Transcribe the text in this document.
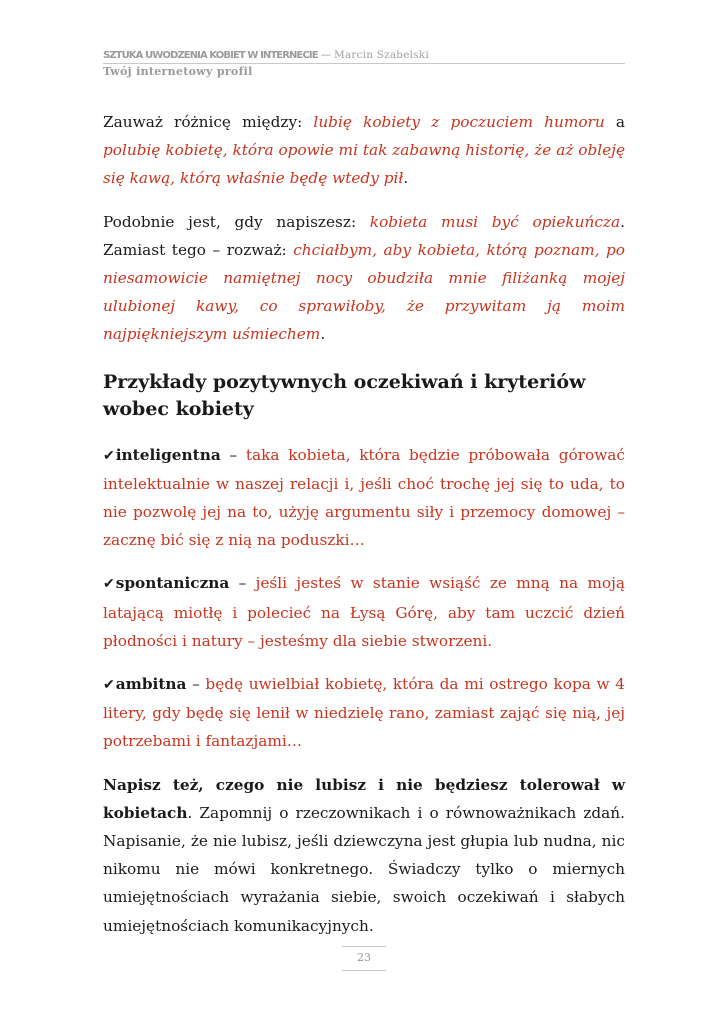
SZTUKA UWODZENIA KOBIET W INTERNECIE — Marcin Szabelski
Twój internetowy profil

Zauważ różnicę między: lubię kobiety z poczuciem humoru a polubię kobietę, która opowie mi tak zabawną historię, że aż obleję się kawą, którą właśnie będę wtedy pił.

Podobnie jest, gdy napiszesz: kobieta musi być opiekuńcza. Zamiast tego – rozważ: chciałbym, aby kobieta, którą poznam, po niesamowicie namiętnej nocy obudziła mnie filiżanką mojej ulubionej kawy, co sprawiłoby, że przywitam ją moim najpiękniejszym uśmiechem.

Przykłady pozytywnych oczekiwań i kryteriów wobec kobiety

✔inteligentna – taka kobieta, która będzie próbowała górować intelektualnie w naszej relacji i, jeśli choć trochę jej się to uda, to nie pozwolę jej na to, użyję argumentu siły i przemocy domowej – zacznę bić się z nią na poduszki…

✔spontaniczna – jeśli jesteś w stanie wsiąść ze mną na moją latającą miotłę i polecieć na Łysą Górę, aby tam uczcić dzień płodności i natury – jesteśmy dla siebie stworzeni.

✔ambitna – będę uwielbiał kobietę, która da mi ostrego kopa w 4 litery, gdy będę się lenił w niedzielę rano, zamiast zająć się nią, jej potrzebami i fantazjami…

Napisz też, czego nie lubisz i nie będziesz tolerował w kobietach. Zapomnij o rzeczownikach i o równoważnikach zdań. Napisanie, że nie lubisz, jeśli dziewczyna jest głupia lub nudna, nic nikomu nie mówi konkretnego. Świadczy tylko o miernych umiejętnościach wyrażania siebie, swoich oczekiwań i słabych umiejętnościach komunikacyjnych.

23
